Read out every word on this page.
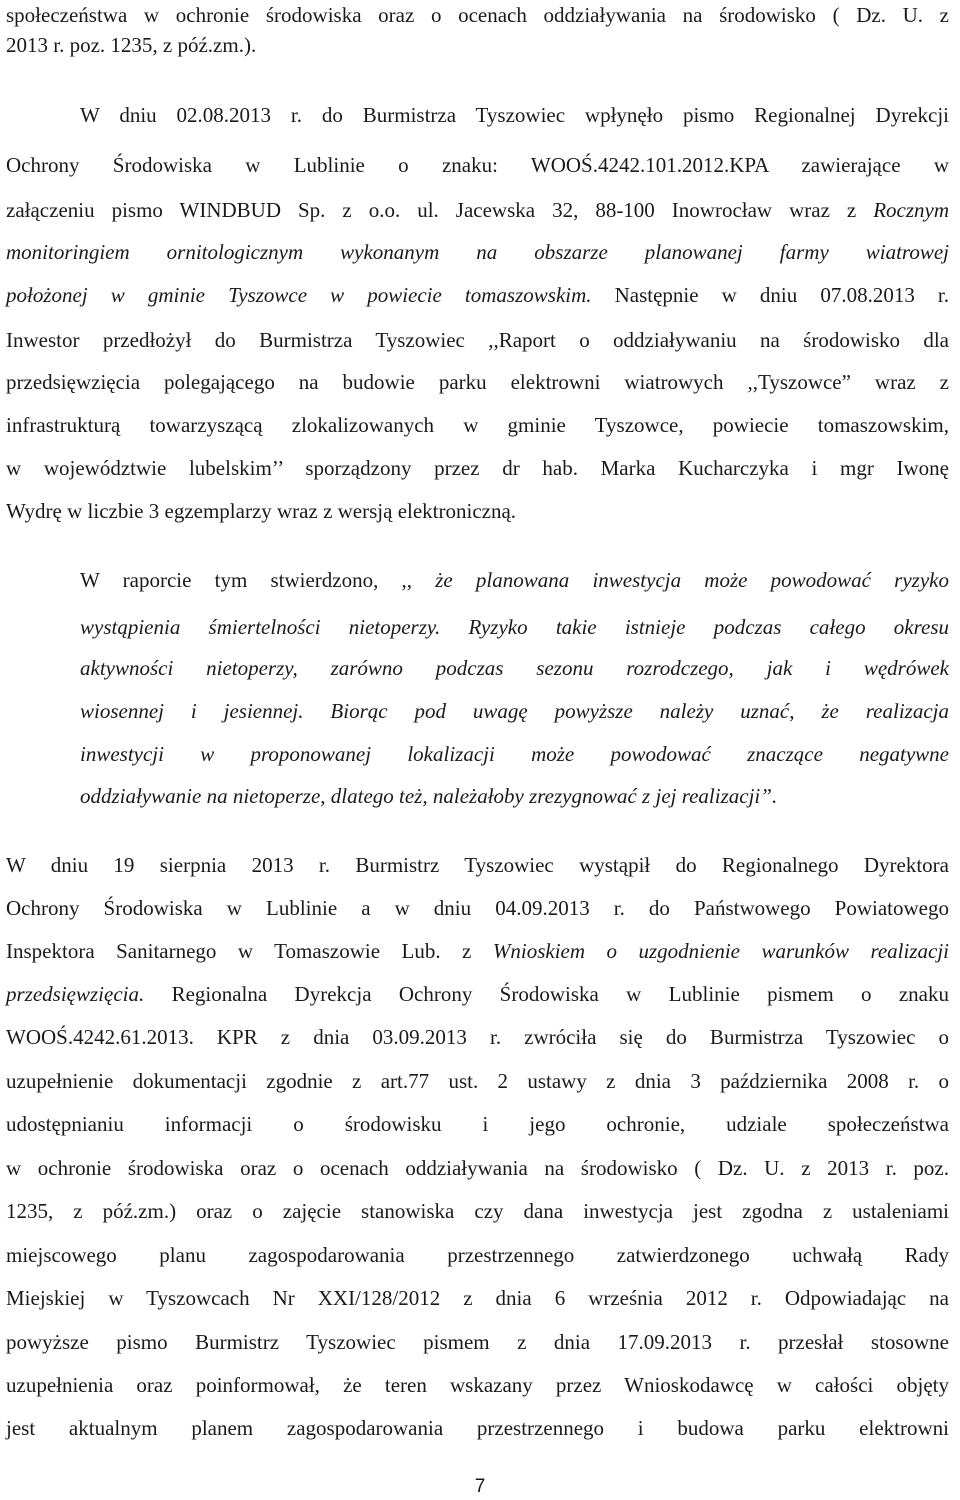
społeczeństwa w ochronie środowiska oraz o ocenach oddziaływania na środowisko ( Dz. U. z
2013 r. poz. 1235, z póź.zm.).
W dniu 02.08.2013 r. do Burmistrza Tyszowiec wpłynęło pismo Regionalnej Dyrekcji
Ochrony Środowiska w Lublinie o znaku: WOOŚ.4242.101.2012.KPA zawierające w
załączeniu pismo WINDBUD Sp. z o.o. ul. Jacewska 32, 88-100 Inowrocław wraz z Rocznym
monitoringiem ornitologicznym wykonanym na obszarze planowanej farmy wiatrowej
położonej w gminie Tyszowce w powiecie tomaszowskim. Następnie w dniu 07.08.2013 r.
Inwestor przedłożył do Burmistrza Tyszowiec ,,Raport o oddziaływaniu na środowisko dla
przedsięwzięcia polegającego na budowie parku elektrowni wiatrowych ,,Tyszowce” wraz z
infrastrukturą towarzyszącą zlokalizowanych w gminie Tyszowce, powiecie tomaszowskim,
w województwie lubelskim’’ sporządzony przez dr hab. Marka Kucharczyka i mgr Iwonę
Wydrę w liczbie 3 egzemplarzy wraz z wersją elektroniczną.
W raporcie tym stwierdzono, ,, że planowana inwestycja może powodować ryzyko
wystąpienia śmiertelności nietoperzy. Ryzyko takie istnieje podczas całego okresu
aktywności nietoperzy, zarówno podczas sezonu rozrodczego, jak i wędrówek
wiosennej i jesiennej. Biorąc pod uwagę powyższe należy uznać, że realizacja
inwestycji w proponowanej lokalizacji może powodować znaczące negatywne
oddziaływanie na nietoperze, dlatego też, należałoby zrezygnować z jej realizacji”.
W dniu 19 sierpnia 2013 r. Burmistrz Tyszowiec wystąpił do Regionalnego Dyrektora
Ochrony Środowiska w Lublinie a w dniu 04.09.2013 r. do Państwowego Powiatowego
Inspektora Sanitarnego w Tomaszowie Lub. z Wnioskiem o uzgodnienie warunków realizacji
przedsięwzięcia. Regionalna Dyrekcja Ochrony Środowiska w Lublinie pismem o znaku
WOOŚ.4242.61.2013. KPR z dnia 03.09.2013 r. zwróciła się do Burmistrza Tyszowiec o
uzupełnienie dokumentacji zgodnie z art.77 ust. 2 ustawy z dnia 3 października 2008 r. o
udostępnianiu informacji o środowisku i jego ochronie, udziale społeczeństwa
w ochronie środowiska oraz o ocenach oddziaływania na środowisko ( Dz. U. z 2013 r. poz.
1235, z póź.zm.) oraz o zajęcie stanowiska czy dana inwestycja jest zgodna z ustaleniami
miejscowego planu zagospodarowania przestrzennego zatwierdzonego uchwałą Rady
Miejskiej w Tyszowcach Nr XXI/128/2012 z dnia 6 września 2012 r. Odpowiadając na
powyższe pismo Burmistrz Tyszowiec pismem z dnia 17.09.2013 r. przesłał stosowne
uzupełnienia oraz poinformował, że teren wskazany przez Wnioskodawcę w całości objęty
jest aktualnym planem zagospodarowania przestrzennego i budowa parku elektrowni
7
